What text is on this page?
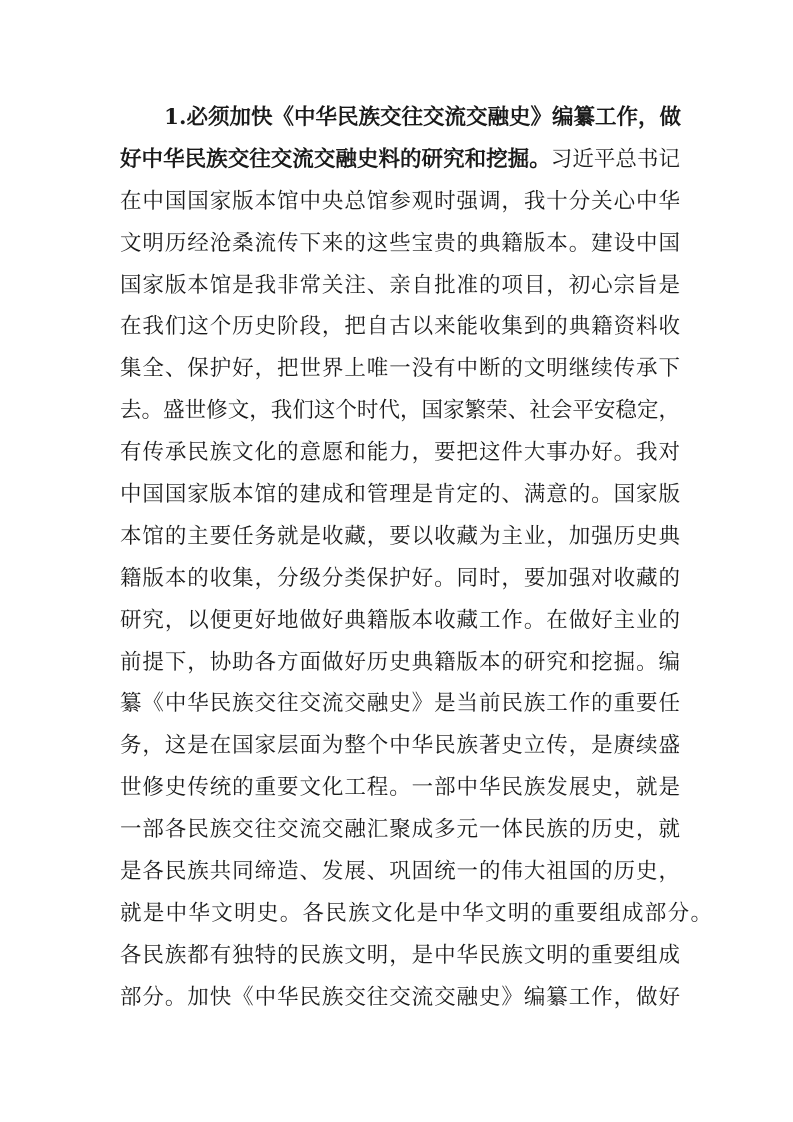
1.必须加快《中华民族交往交流交融史》编纂工作，做
好中华民族交往交流交融史料的研究和挖掘。习近平总书记
在中国国家版本馆中央总馆参观时强调，我十分关心中华
文明历经沧桑流传下来的这些宝贵的典籍版本。建设中国
国家版本馆是我非常关注、亲自批准的项目，初心宗旨是
在我们这个历史阶段，把自古以来能收集到的典籍资料收
集全、保护好，把世界上唯一没有中断的文明继续传承下
去。盛世修文，我们这个时代，国家繁荣、社会平安稳定，
有传承民族文化的意愿和能力，要把这件大事办好。我对
中国国家版本馆的建成和管理是肯定的、满意的。国家版
本馆的主要任务就是收藏，要以收藏为主业，加强历史典
籍版本的收集，分级分类保护好。同时，要加强对收藏的
研究，以便更好地做好典籍版本收藏工作。在做好主业的
前提下，协助各方面做好历史典籍版本的研究和挖掘。编
纂《中华民族交往交流交融史》是当前民族工作的重要任
务，这是在国家层面为整个中华民族著史立传，是赓续盛
世修史传统的重要文化工程。一部中华民族发展史，就是
一部各民族交往交流交融汇聚成多元一体民族的历史，就
是各民族共同缔造、发展、巩固统一的伟大祖国的历史，
就是中华文明史。各民族文化是中华文明的重要组成部分。
各民族都有独特的民族文明，是中华民族文明的重要组成
部分。加快《中华民族交往交流交融史》编纂工作，做好
